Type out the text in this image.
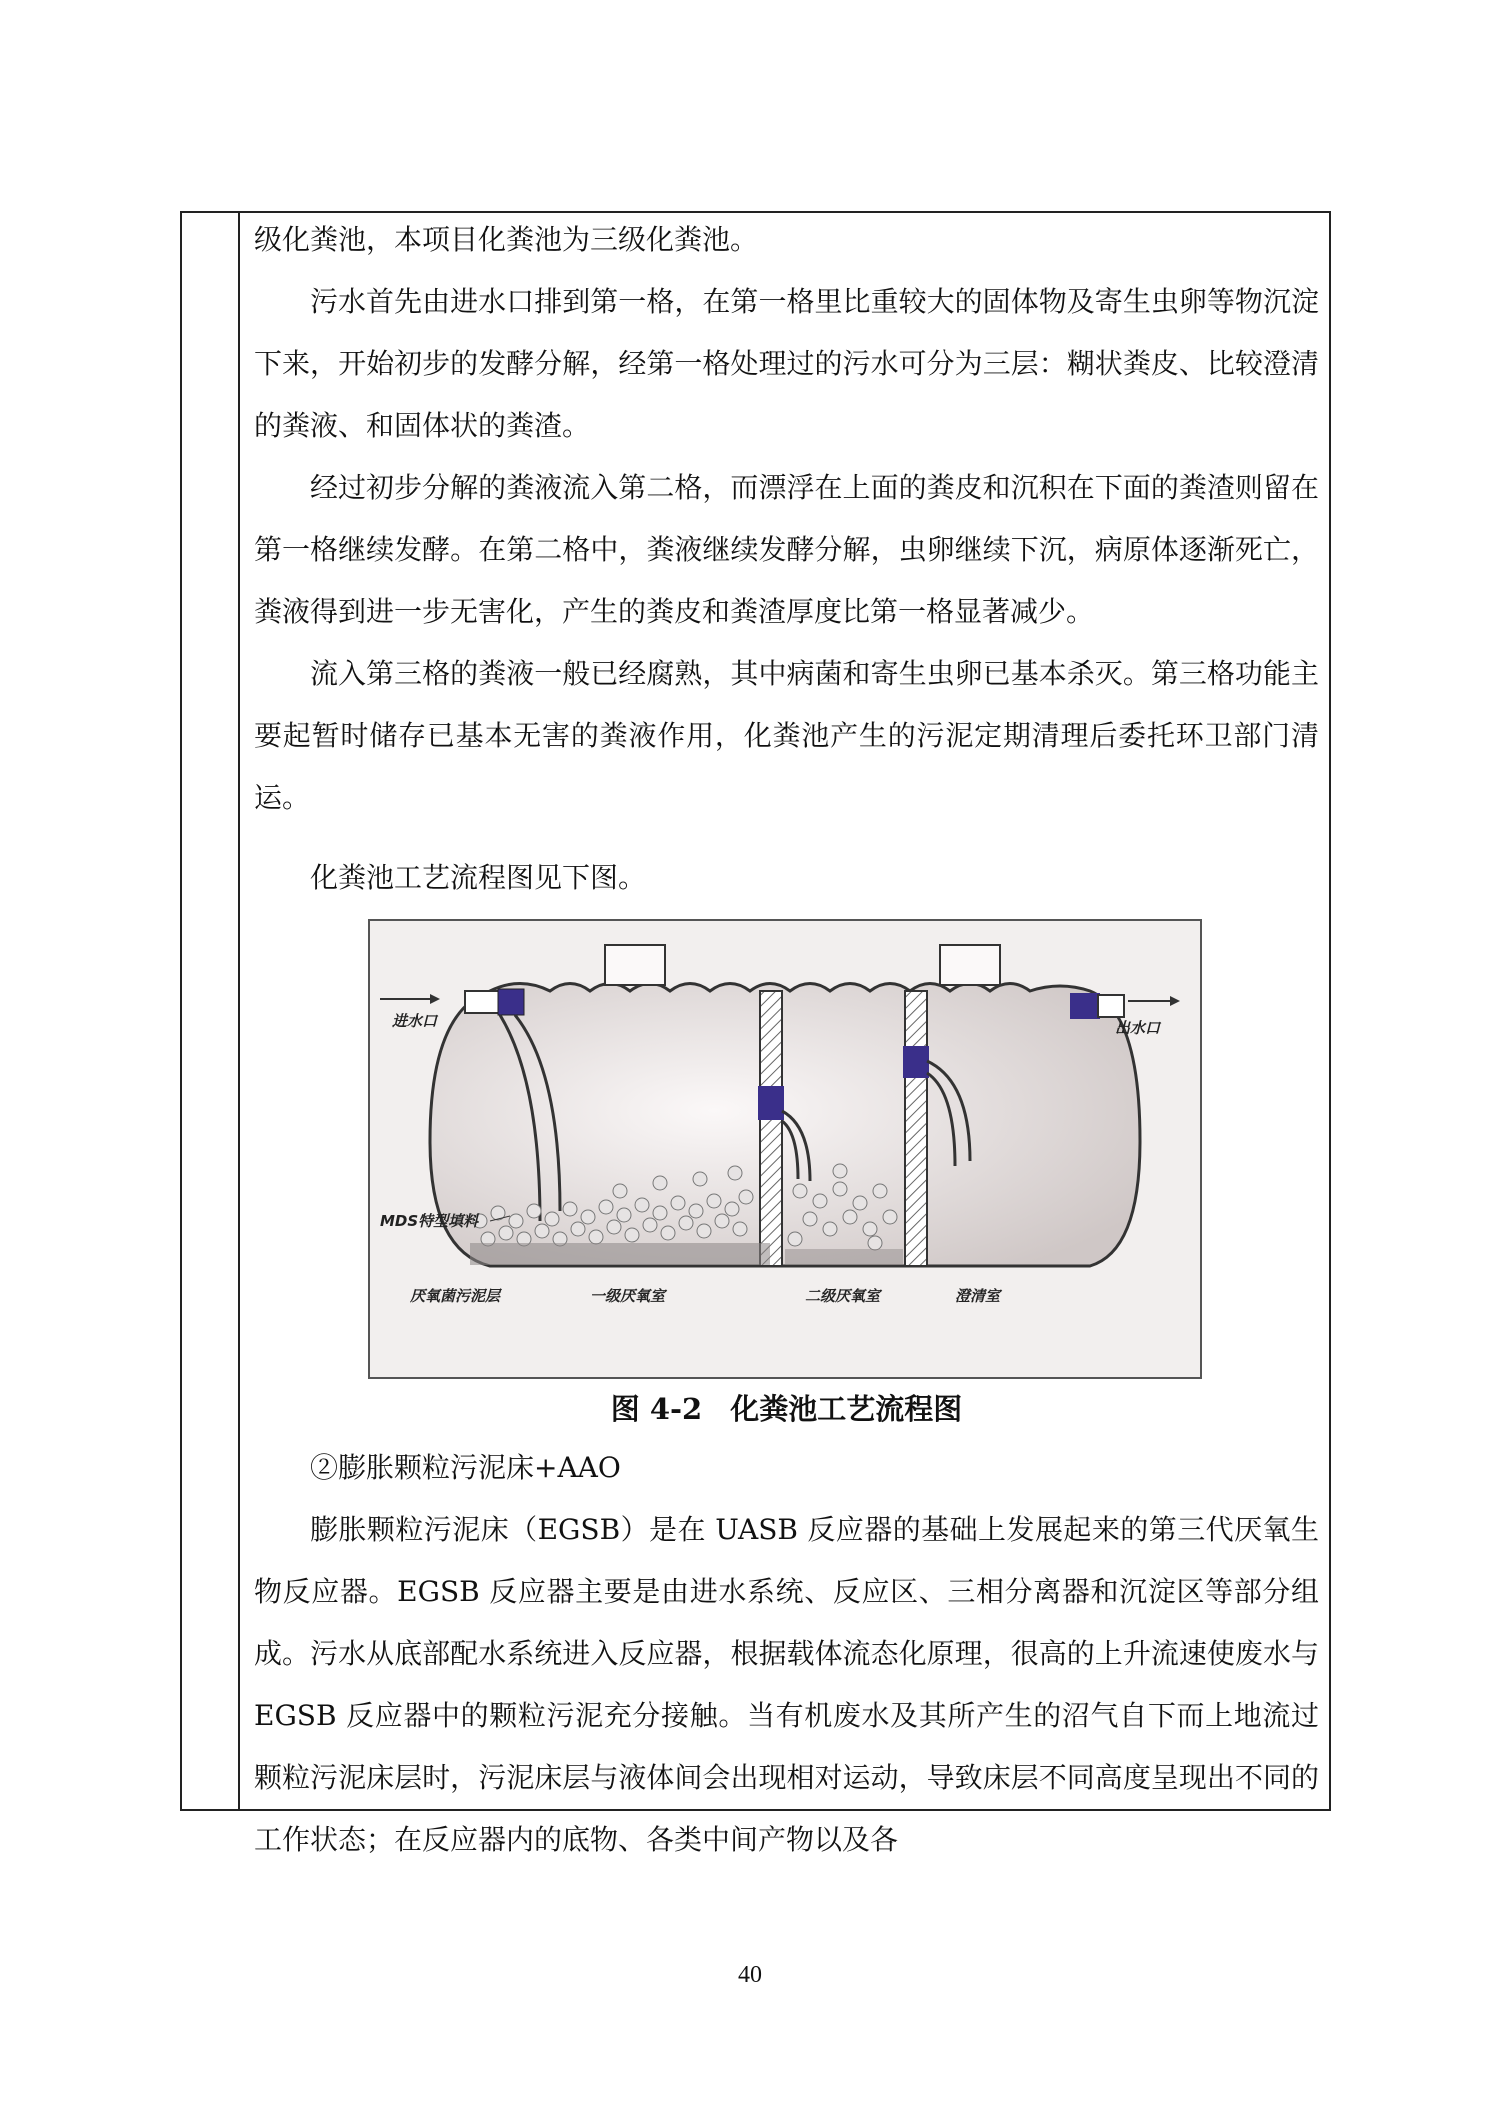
级化粪池，本项目化粪池为三级化粪池。

污水首先由进水口排到第一格，在第一格里比重较大的固体物及寄生虫卵等物沉淀下来，开始初步的发酵分解，经第一格处理过的污水可分为三层：糊状粪皮、比较澄清的粪液、和固体状的粪渣。

经过初步分解的粪液流入第二格，而漂浮在上面的粪皮和沉积在下面的粪渣则留在第一格继续发酵。在第二格中，粪液继续发酵分解，虫卵继续下沉，病原体逐渐死亡，粪液得到进一步无害化，产生的粪皮和粪渣厚度比第一格显著减少。

流入第三格的粪液一般已经腐熟，其中病菌和寄生虫卵已基本杀灭。第三格功能主要起暂时储存已基本无害的粪液作用，化粪池产生的污泥定期清理后委托环卫部门清运。

化粪池工艺流程图见下图。

进水口	出水口
MDS特型填料
厌氧菌污泥层	一级厌氧室	二级厌氧室	澄清室
图 4-2 化粪池工艺流程图

②膨胀颗粒污泥床+AAO

膨胀颗粒污泥床（EGSB）是在 UASB 反应器的基础上发展起来的第三代厌氧生物反应器。EGSB 反应器主要是由进水系统、反应区、三相分离器和沉淀区等部分组成。污水从底部配水系统进入反应器，根据载体流态化原理，很高的上升流速使废水与 EGSB 反应器中的颗粒污泥充分接触。当有机废水及其所产生的沼气自下而上地流过颗粒污泥床层时，污泥床层与液体间会出现相对运动，导致床层不同高度呈现出不同的工作状态；在反应器内的底物、各类中间产物以及各

40
